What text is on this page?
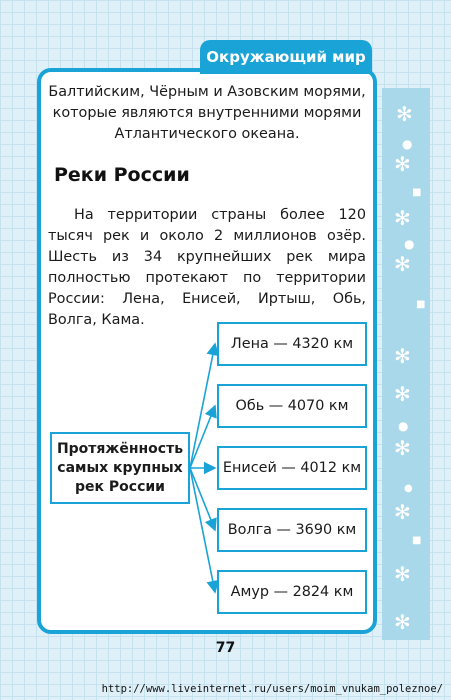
✻
●
✻
■
✻
●
✻
■
✻
✻
●
✻
●
✻
■
✻
✻
Окружающий мир

Балтийским, Чёрным и Азовским морями, которые являются внутренними морями Атлантического океана.

Реки России

На территории страны более 120 тысяч рек и около 2 миллионов озёр. Шесть из 34 крупнейших рек мира полностью протекают по территории России: Лена, Енисей, Иртыш, Обь, Волга, Кама.

Протяжённость самых крупных рек России
Лена — 4320 км
Обь — 4070 км
Енисей — 4012 км
Волга — 3690 км
Амур — 2824 км
77
http://www.liveinternet.ru/users/moim_vnukam_poleznoe/
